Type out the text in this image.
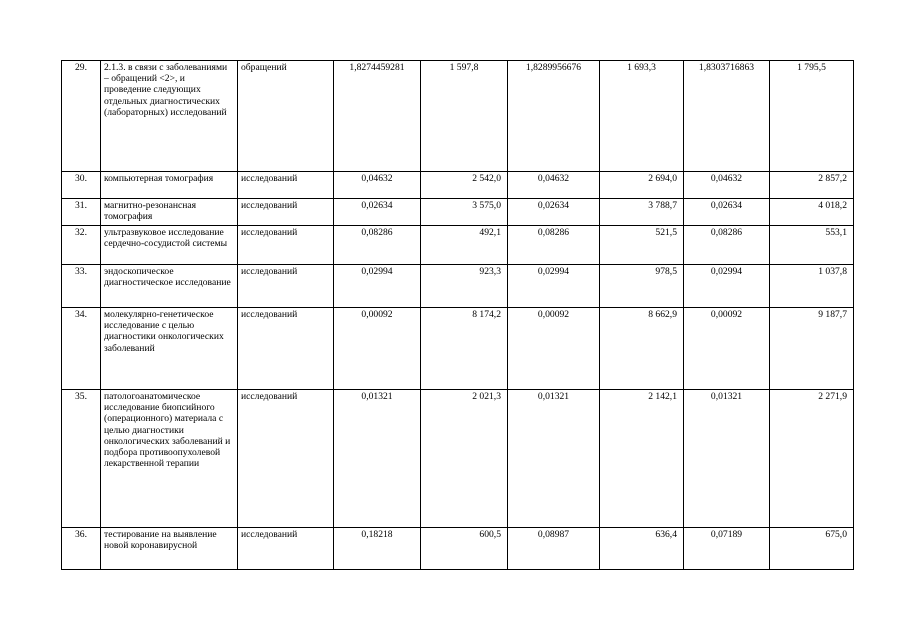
29.	2.1.3. в связи с заболеваниями – обращений <2>, и проведение следующих отдельных диагностических (лабораторных) исследований	обращений	1,8274459281	1 597,8	1,8289956676	1 693,3	1,8303716863	1 795,5
30.	компьютерная томография	исследований	0,04632	2 542,0	0,04632	2 694,0	0,04632	2 857,2
31.	магнитно-резонансная томография	исследований	0,02634	3 575,0	0,02634	3 788,7	0,02634	4 018,2
32.	ультразвуковое исследование сердечно-сосудистой системы	исследований	0,08286	492,1	0,08286	521,5	0,08286	553,1
33.	эндоскопическое диагностическое исследование	исследований	0,02994	923,3	0,02994	978,5	0,02994	1 037,8
34.	молекулярно-генетическое исследование с целью диагностики онкологических заболеваний	исследований	0,00092	8 174,2	0,00092	8 662,9	0,00092	9 187,7
35.	патологоанатомическое исследование биопсийного (операционного) материала с целью диагностики онкологических заболеваний и подбора противоопухолевой лекарственной терапии	исследований	0,01321	2 021,3	0,01321	2 142,1	0,01321	2 271,9
36.	тестирование на выявление новой коронавирусной	исследований	0,18218	600,5	0,08987	636,4	0,07189	675,0
